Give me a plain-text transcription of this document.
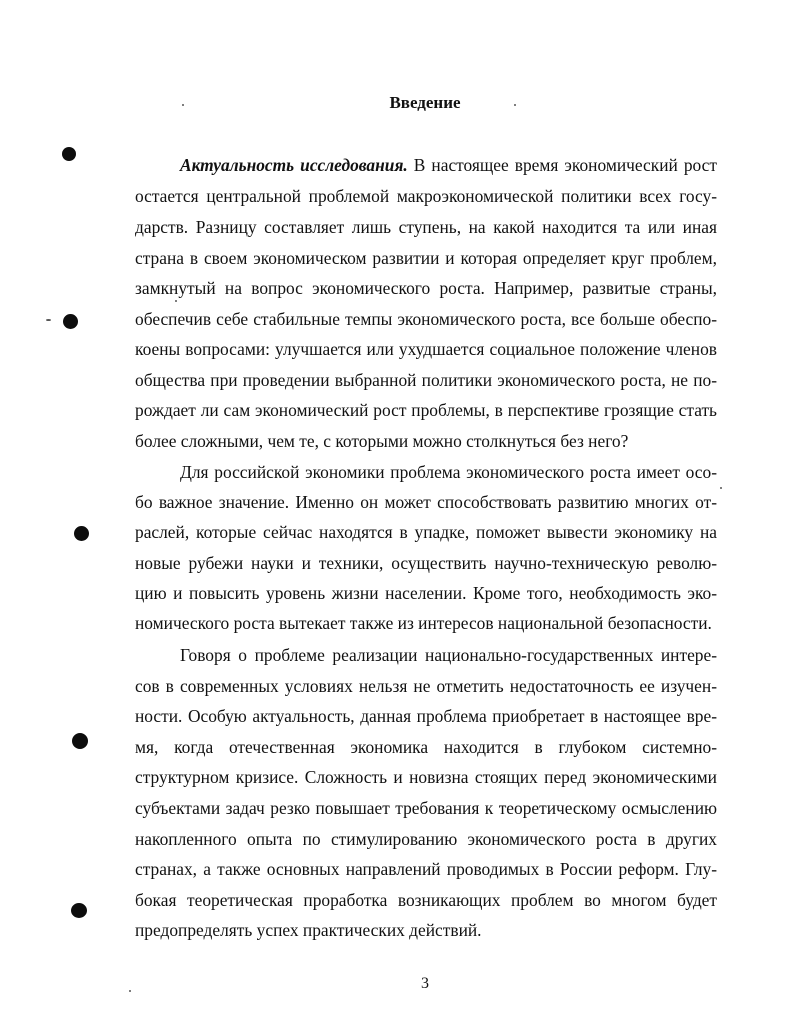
Введение
Актуальность исследования. В настоящее время экономический рост
остается центральной проблемой макроэкономической политики всех госу-
дарств. Разницу составляет лишь ступень, на какой находится та или иная
страна в своем экономическом развитии и которая определяет круг проблем,
замкнутый на вопрос экономического роста. Например, развитые страны,
обеспечив себе стабильные темпы экономического роста, все больше обеспо-
коены вопросами: улучшается или ухудшается социальное положение членов
общества при проведении выбранной политики экономического роста, не по-
рождает ли сам экономический рост проблемы, в перспективе грозящие стать
более сложными, чем те, с которыми можно столкнуться без него?
Для российской экономики проблема экономического роста имеет осо-
бо важное значение. Именно он может способствовать развитию многих от-
раслей, которые сейчас находятся в упадке, поможет вывести экономику на
новые рубежи науки и техники, осуществить научно-техническую револю-
цию и повысить уровень жизни населении. Кроме того, необходимость эко-
номического роста вытекает также из интересов национальной безопасности.
Говоря о проблеме реализации национально-государственных интере-
сов в современных условиях нельзя не отметить недостаточность ее изучен-
ности. Особую актуальность, данная проблема приобретает в настоящее вре-
мя, когда отечественная экономика находится в глубоком системно-
структурном кризисе. Сложность и новизна стоящих перед экономическими
субъектами задач резко повышает требования к теоретическому осмыслению
накопленного опыта по стимулированию экономического роста в других
странах, а также основных направлений проводимых в России реформ. Глу-
бокая теоретическая проработка возникающих проблем во многом будет
предопределять успех практических действий.
3
